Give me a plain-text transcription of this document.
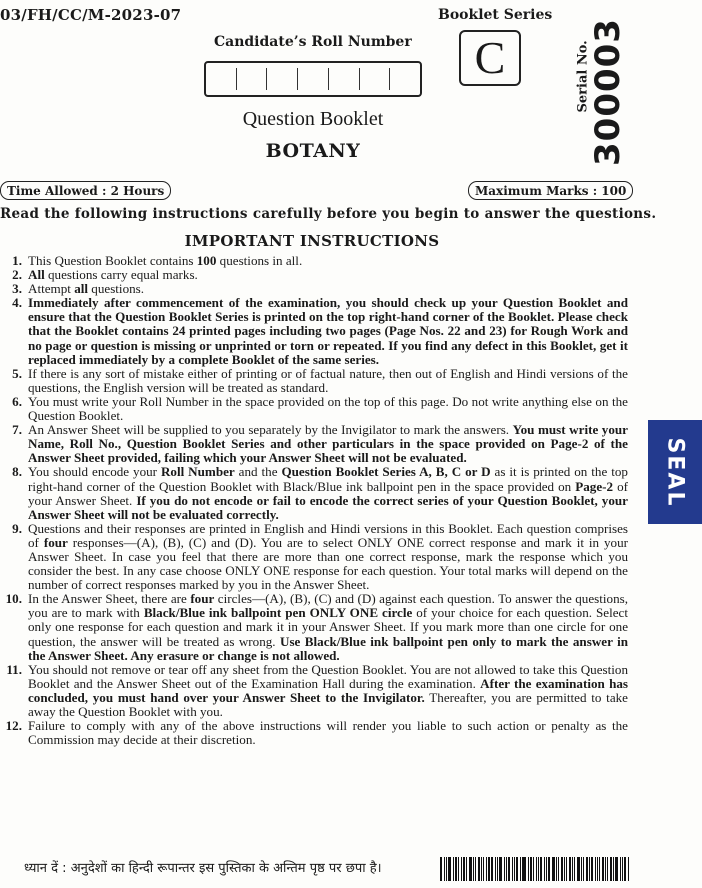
03/FH/CC/M-2023-07	Booklet Series
Candidate’s Roll Number	C	Serial No.
300003
Question Booklet
BOTANY
Time Allowed : 2 Hours	Maximum Marks : 100
Read the following instructions carefully before you begin to answer the questions.
IMPORTANT INSTRUCTIONS
1. This Question Booklet contains 100 questions in all.
2. All questions carry equal marks.
3. Attempt all questions.
4. Immediately after commencement of the examination, you should check up your Question Booklet and ensure that the Question Booklet Series is printed on the top right-hand corner of the Booklet. Please check that the Booklet contains 24 printed pages including two pages (Page Nos. 22 and 23) for Rough Work and no page or question is missing or unprinted or torn or repeated. If you find any defect in this Booklet, get it replaced immediately by a complete Booklet of the same series.
5. If there is any sort of mistake either of printing or of factual nature, then out of English and Hindi versions of the questions, the English version will be treated as standard.
6. You must write your Roll Number in the space provided on the top of this page. Do not write anything else on the Question Booklet.
7. An Answer Sheet will be supplied to you separately by the Invigilator to mark the answers. You must write your Name, Roll No., Question Booklet Series and other particulars in the space provided on Page-2 of the Answer Sheet provided, failing which your Answer Sheet will not be evaluated.
8. You should encode your Roll Number and the Question Booklet Series A, B, C or D as it is printed on the top right-hand corner of the Question Booklet with Black/Blue ink ballpoint pen in the space provided on Page-2 of your Answer Sheet. If you do not encode or fail to encode the correct series of your Question Booklet, your Answer Sheet will not be evaluated correctly.
9. Questions and their responses are printed in English and Hindi versions in this Booklet. Each question comprises of four responses—(A), (B), (C) and (D). You are to select ONLY ONE correct response and mark it in your Answer Sheet. In case you feel that there are more than one correct response, mark the response which you consider the best. In any case choose ONLY ONE response for each question. Your total marks will depend on the number of correct responses marked by you in the Answer Sheet.
10. In the Answer Sheet, there are four circles—(A), (B), (C) and (D) against each question. To answer the questions, you are to mark with Black/Blue ink ballpoint pen ONLY ONE circle of your choice for each question. Select only one response for each question and mark it in your Answer Sheet. If you mark more than one circle for one question, the answer will be treated as wrong. Use Black/Blue ink ballpoint pen only to mark the answer in the Answer Sheet. Any erasure or change is not allowed.
11. You should not remove or tear off any sheet from the Question Booklet. You are not allowed to take this Question Booklet and the Answer Sheet out of the Examination Hall during the examination. After the examination has concluded, you must hand over your Answer Sheet to the Invigilator. Thereafter, you are permitted to take away the Question Booklet with you.
12. Failure to comply with any of the above instructions will render you liable to such action or penalty as the Commission may decide at their discretion.
SEAL
ध्यान दें : अनुदेशों का हिन्दी रूपान्तर इस पुस्तिका के अन्तिम पृष्ठ पर छपा है।
